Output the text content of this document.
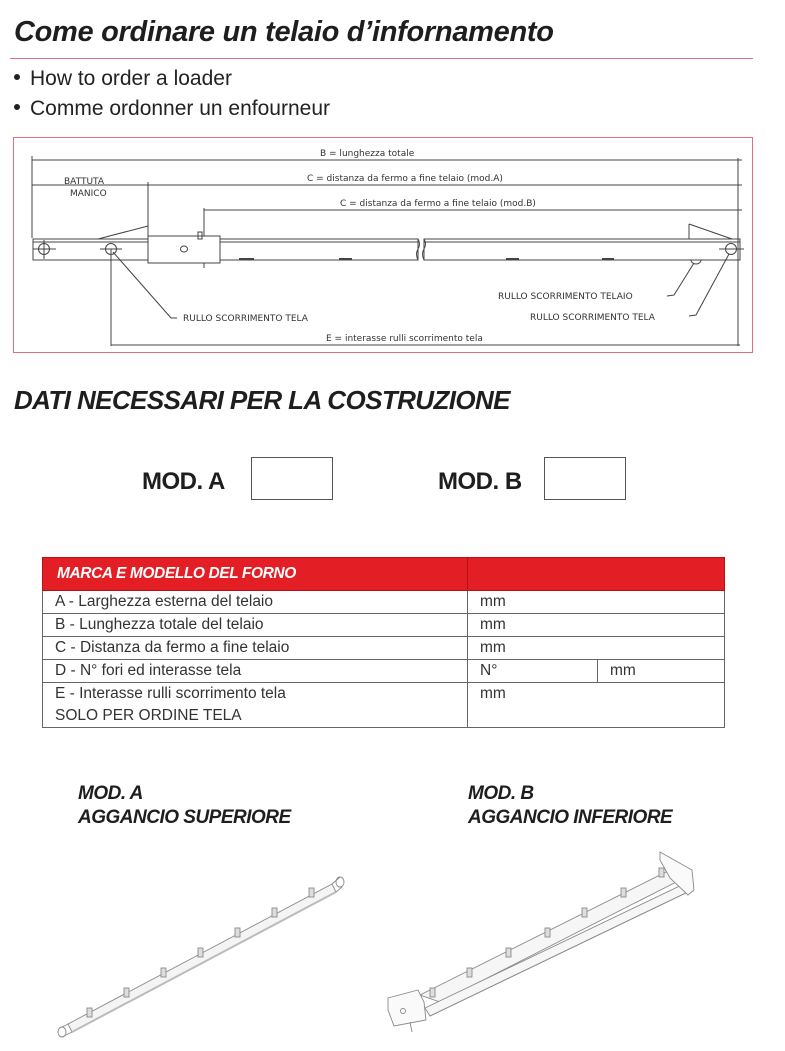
Come ordinare un telaio d’infornamento
How to order a loader
Comme ordonner un enfourneur
B = lunghezza totale
C = distanza da fermo a fine telaio (mod.A)
C = distanza da fermo a fine telaio (mod.B)
BATTUTA
MANICO
RULLO SCORRIMENTO TELA
RULLO SCORRIMENTO TELAIO
RULLO SCORRIMENTO TELA
E = interasse rulli scorrimento tela
DATI NECESSARI PER LA COSTRUZIONE
MOD. A	MOD. B
MARCA E MODELLO DEL FORNO		
A - Larghezza esterna del telaio	mm	
B - Lunghezza totale del telaio	mm	
C - Distanza da fermo a fine telaio	mm	
D - N° fori ed interasse tela	N°	mm

E - Interasse rulli scorrimento tela
SOLO PER ORDINE TELA	mm	
MOD. A
AGGANCIO SUPERIORE
MOD. B
AGGANCIO INFERIORE
